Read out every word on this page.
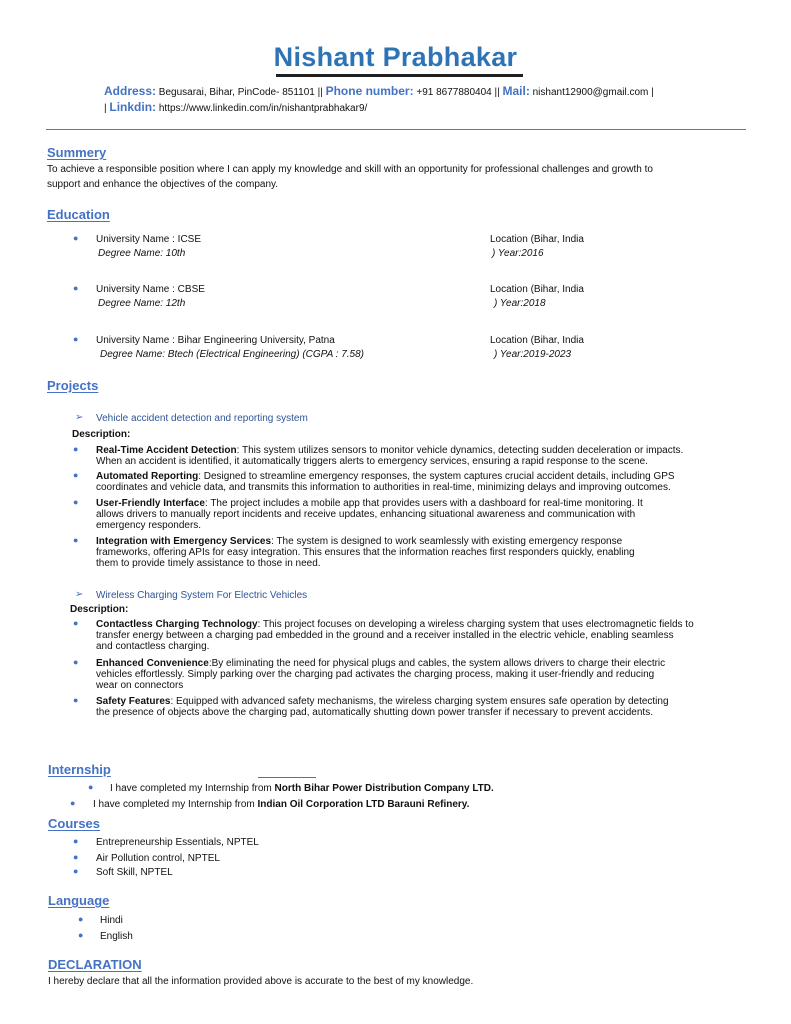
Nishant Prabhakar
Address: Begusarai, Bihar, PinCode- 851101 || Phone number: +91 8677880404 || Mail: nishant12900@gmail.com |
| Linkdin: https://www.linkedin.com/in/nishantprabhakar9/
Summery
To achieve a responsible position where I can apply my knowledge and skill with an opportunity for professional challenges and growth to
support and enhance the objectives of the company.
Education
● University Name : ICSE
Degree Name: 10th
Location (Bihar, India
) Year:2016
● University Name : CBSE
Degree Name: 12th
Location (Bihar, India
) Year:2018
● University Name : Bihar Engineering University, Patna
Degree Name: Btech (Electrical Engineering) (CGPA : 7.58)
Location (Bihar, India
) Year:2019-2023
Projects
➢ Vehicle accident detection and reporting system
Description:
● Real-Time Accident Detection: This system utilizes sensors to monitor vehicle dynamics, detecting sudden deceleration or impacts.
When an accident is identified, it automatically triggers alerts to emergency services, ensuring a rapid response to the scene.
● Automated Reporting: Designed to streamline emergency responses, the system captures crucial accident details, including GPS
coordinates and vehicle data, and transmits this information to authorities in real-time, minimizing delays and improving outcomes.
● User-Friendly Interface: The project includes a mobile app that provides users with a dashboard for real-time monitoring. It
allows drivers to manually report incidents and receive updates, enhancing situational awareness and communication with
emergency responders.
● Integration with Emergency Services: The system is designed to work seamlessly with existing emergency response
frameworks, offering APIs for easy integration. This ensures that the information reaches first responders quickly, enabling
them to provide timely assistance to those in need.
➢ Wireless Charging System For Electric Vehicles
Description:
● Contactless Charging Technology: This project focuses on developing a wireless charging system that uses electromagnetic fields to
transfer energy between a charging pad embedded in the ground and a receiver installed in the electric vehicle, enabling seamless
and contactless charging.
● Enhanced Convenience:By eliminating the need for physical plugs and cables, the system allows drivers to charge their electric
vehicles effortlessly. Simply parking over the charging pad activates the charging process, making it user-friendly and reducing
wear on connectors
● Safety Features: Equipped with advanced safety mechanisms, the wireless charging system ensures safe operation by detecting
the presence of objects above the charging pad, automatically shutting down power transfer if necessary to prevent accidents.
Internship
● I have completed my Internship from North Bihar Power Distribution Company LTD.
● I have completed my Internship from Indian Oil Corporation LTD Barauni Refinery.
Courses
● Entrepreneurship Essentials, NPTEL
● Air Pollution control, NPTEL
● Soft Skill, NPTEL
Language
● Hindi
● English
DECLARATION
I hereby declare that all the information provided above is accurate to the best of my knowledge.
